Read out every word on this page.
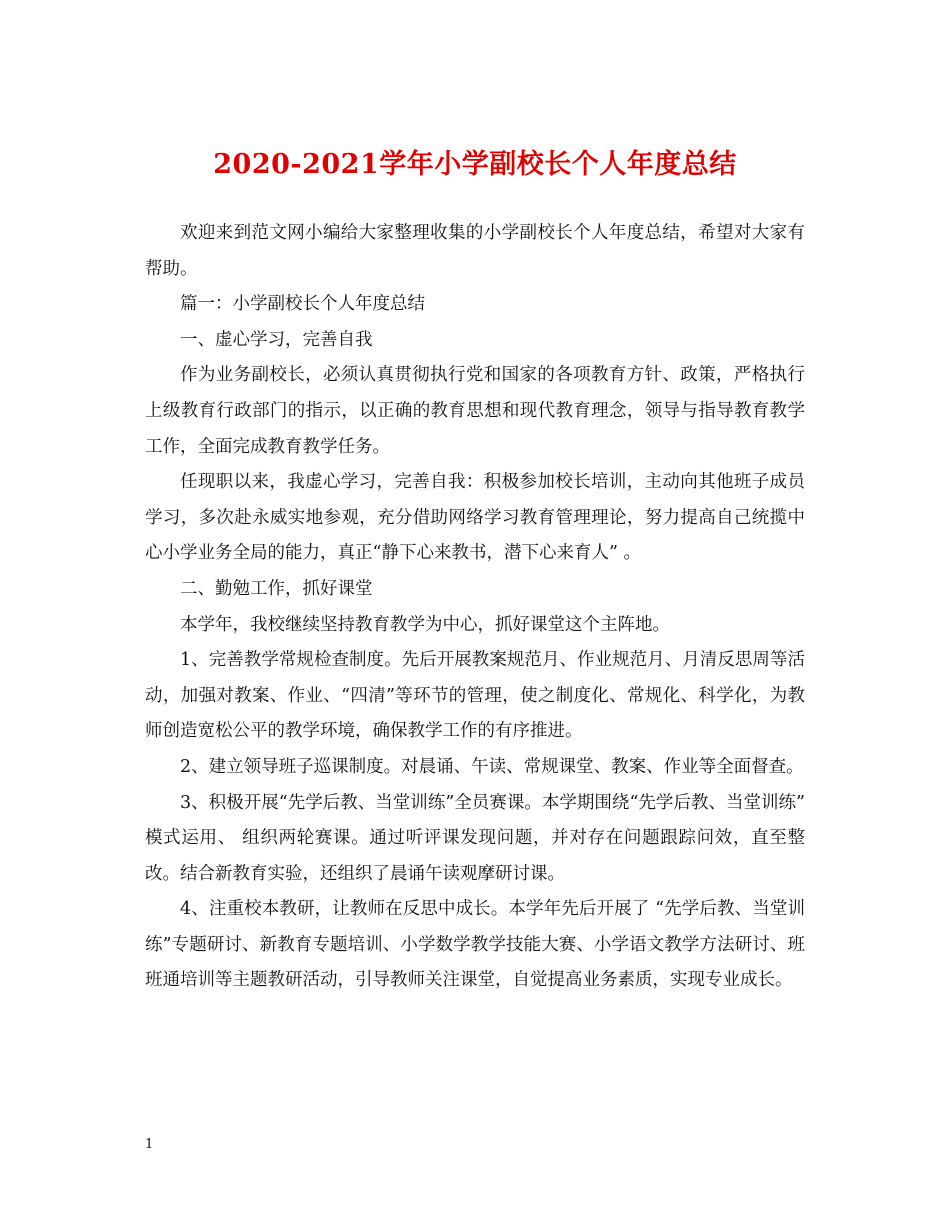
2020-2021学年小学副校长个人年度总结

欢迎来到范文网小编给大家整理收集的小学副校长个人年度总结，希望对大家有帮助。

篇一：小学副校长个人年度总结

一、虚心学习，完善自我

作为业务副校长，必须认真贯彻执行党和国家的各项教育方针、政策，严格执行上级教育行政部门的指示，以正确的教育思想和现代教育理念，领导与指导教育教学工作，全面完成教育教学任务。

任现职以来，我虚心学习，完善自我：积极参加校长培训，主动向其他班子成员学习，多次赴永威实地参观，充分借助网络学习教育管理理论，努力提高自己统揽中心小学业务全局的能力，真正“静下心来教书，潜下心来育人” 。

二、勤勉工作，抓好课堂

本学年，我校继续坚持教育教学为中心，抓好课堂这个主阵地。

1、完善教学常规检查制度。先后开展教案规范月、作业规范月、月清反思周等活动，加强对教案、作业、“四清”等环节的管理，使之制度化、常规化、科学化，为教师创造宽松公平的教学环境，确保教学工作的有序推进。

2、建立领导班子巡课制度。对晨诵、午读、常规课堂、教案、作业等全面督查。

3、积极开展“先学后教、当堂训练”全员赛课。本学期围绕“先学后教、当堂训练” 模式运用、 组织两轮赛课。通过听评课发现问题，并对存在问题跟踪问效，直至整改。结合新教育实验，还组织了晨诵午读观摩研讨课。

4、注重校本教研，让教师在反思中成长。本学年先后开展了 “先学后教、当堂训练”专题研讨、新教育专题培训、小学数学教学技能大赛、小学语文教学方法研讨、班班通培训等主题教研活动，引导教师关注课堂，自觉提高业务素质，实现专业成长。

1
